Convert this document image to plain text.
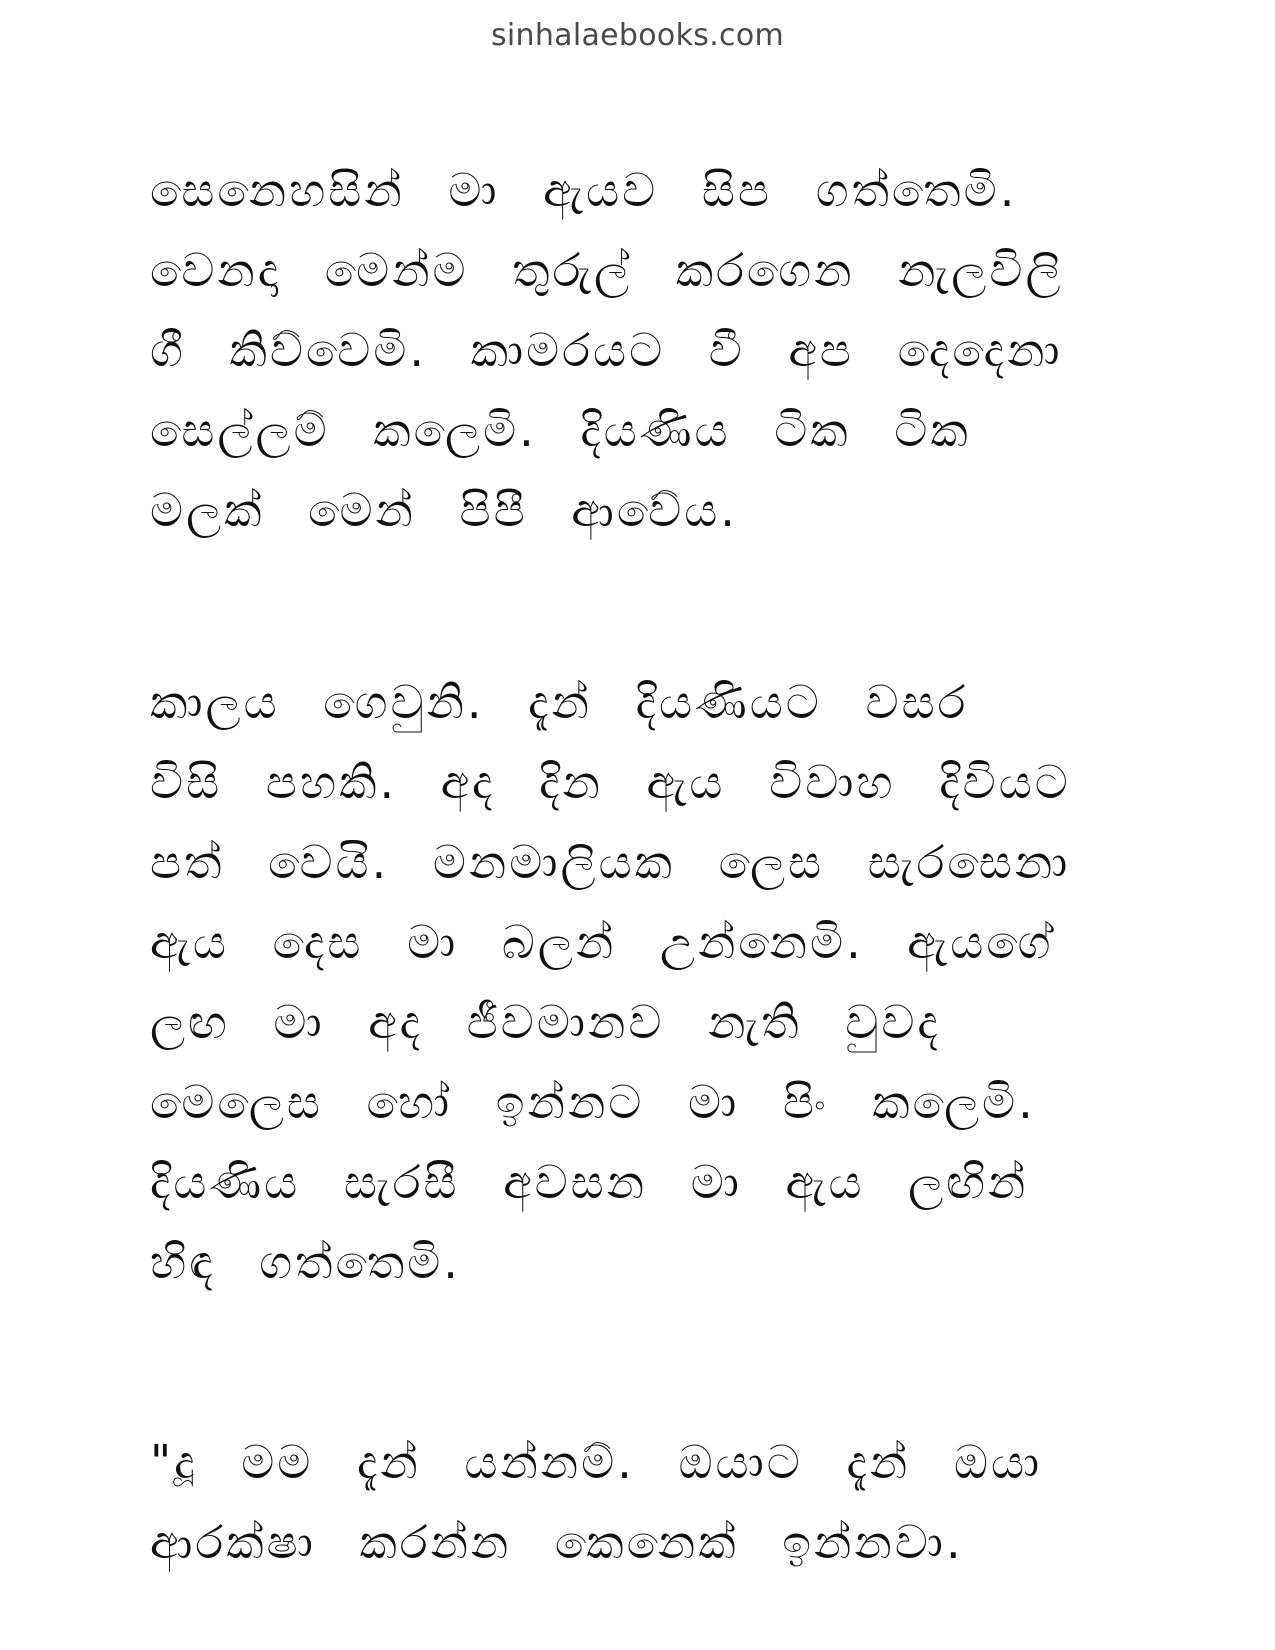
sinhalaebooks.com
සෙනෙහසින් මා ඇයව සිප ගත්තෙමි.
වෙනදා මෙන්ම තුරුල් කරගෙන නැලවිලි
ගී කිව්වෙමි. කාමරයට වී අප දෙදෙනා
සෙල්ලම් කලෙමි. දියණිය ටික ටික
මලක් මෙන් පිපී ආවේය.
කාලය ගෙවුනි. දැන් දියණියට වසර
විසි පහකි. අද දින ඇය විවාහ දිවියට
පත් වෙයි. මනමාලියක ලෙස සැරසෙනා
ඇය දෙස මා බලන් උන්නෙමි. ඇයගේ
ලඟ මා අද ජීවමානව නැති වුවද
මෙලෙස හෝ ඉන්නට මා පිං කලෙමි.
දියණිය සැරසී අවසන මා ඇය ලඟින්
හිඳ ගත්තෙමි.
"දූ මම දැන් යන්නම්. ඔයාට දැන් ඔයා
ආරක්ෂා කරන්න කෙනෙක් ඉන්නවා.
